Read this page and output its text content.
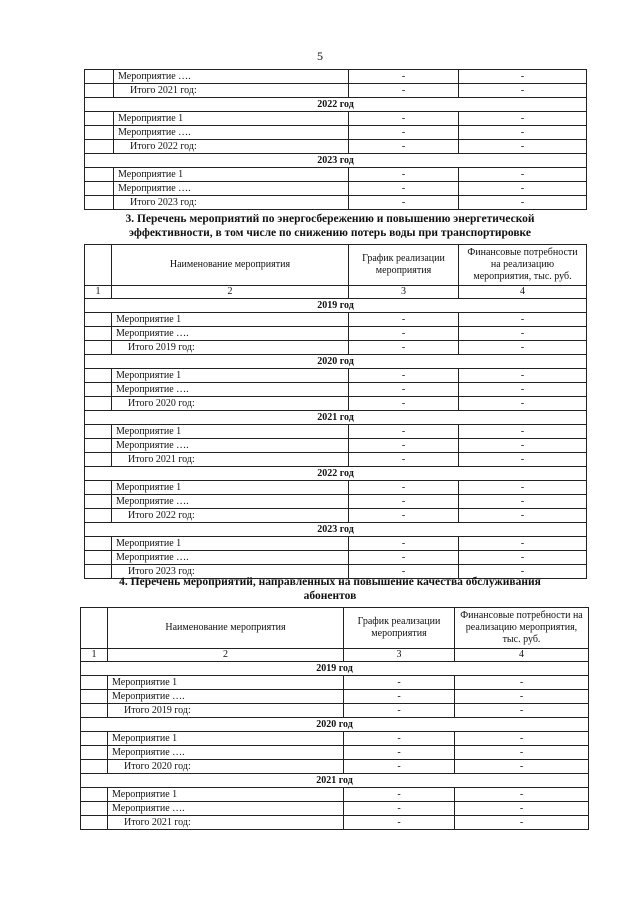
5
	Мероприятие ….	-	-
	Итого 2021 год:	-	-
2022 год			
	Мероприятие 1	-	-
	Мероприятие ….	-	-
	Итого 2022 год:	-	-
2023 год			
	Мероприятие 1	-	-
	Мероприятие ….	-	-
	Итого 2023 год:	-	-
3. Перечень мероприятий по энергосбережению и повышению энергетической
эффективности, в том числе по снижению потерь воды при транспортировке
	Наименование мероприятия	График реализации мероприятия	Финансовые потребности на реализацию мероприятия, тыс. руб.
1	2	3	4
2019 год			
	Мероприятие 1	-	-
	Мероприятие ….	-	-
	Итого 2019 год:	-	-
2020 год			
	Мероприятие 1	-	-
	Мероприятие ….	-	-
	Итого 2020 год:	-	-
2021 год			
	Мероприятие 1	-	-
	Мероприятие ….	-	-
	Итого 2021 год:	-	-
2022 год			
	Мероприятие 1	-	-
	Мероприятие ….	-	-
	Итого 2022 год:	-	-
2023 год			
	Мероприятие 1	-	-
	Мероприятие ….	-	-
	Итого 2023 год:	-	-
4. Перечень мероприятий, направленных на повышение качества обслуживания
абонентов
	Наименование мероприятия	График реализации мероприятия	Финансовые потребности на реализацию мероприятия, тыс. руб.
1	2	3	4
2019 год			
	Мероприятие 1	-	-
	Мероприятие ….	-	-
	Итого 2019 год:	-	-
2020 год			
	Мероприятие 1	-	-
	Мероприятие ….	-	-
	Итого 2020 год:	-	-
2021 год			
	Мероприятие 1	-	-
	Мероприятие ….	-	-
	Итого 2021 год:	-	-
